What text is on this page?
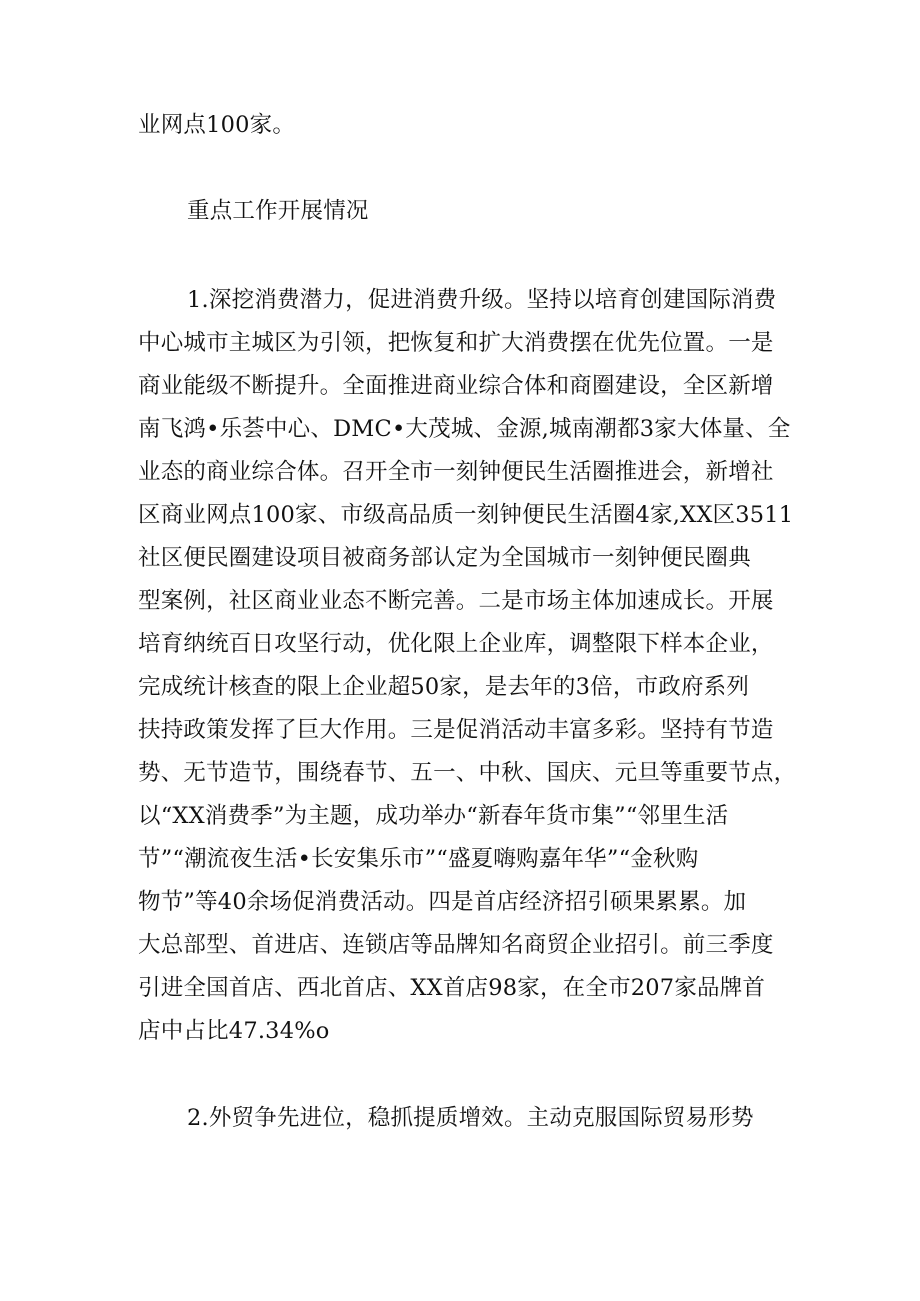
业网点100家。
重点工作开展情况
1.深挖消费潜力，促进消费升级。坚持以培育创建国际消费
中心城市主城区为引领，把恢复和扩大消费摆在优先位置。一是
商业能级不断提升。全面推进商业综合体和商圈建设，全区新增
南飞鸿•乐荟中心、DMC•大茂城、金源,城南潮都3家大体量、全
业态的商业综合体。召开全市一刻钟便民生活圈推进会，新增社
区商业网点100家、市级高品质一刻钟便民生活圈4家,XX区3511
社区便民圈建设项目被商务部认定为全国城市一刻钟便民圈典
型案例，社区商业业态不断完善。二是市场主体加速成长。开展
培育纳统百日攻坚行动，优化限上企业库，调整限下样本企业，
完成统计核查的限上企业超50家，是去年的3倍，市政府系列
扶持政策发挥了巨大作用。三是促消活动丰富多彩。坚持有节造
势、无节造节，围绕春节、五一、中秋、国庆、元旦等重要节点，
以“XX消费季”为主题，成功举办“新春年货市集”“邻里生活
节”“潮流夜生活•长安集乐市”“盛夏嗨购嘉年华”“金秋购
物节”等40余场促消费活动。四是首店经济招引硕果累累。加
大总部型、首进店、连锁店等品牌知名商贸企业招引。前三季度
引进全国首店、西北首店、XX首店98家，在全市207家品牌首
店中占比47.34%o
2.外贸争先进位，稳抓提质增效。主动克服国际贸易形势
